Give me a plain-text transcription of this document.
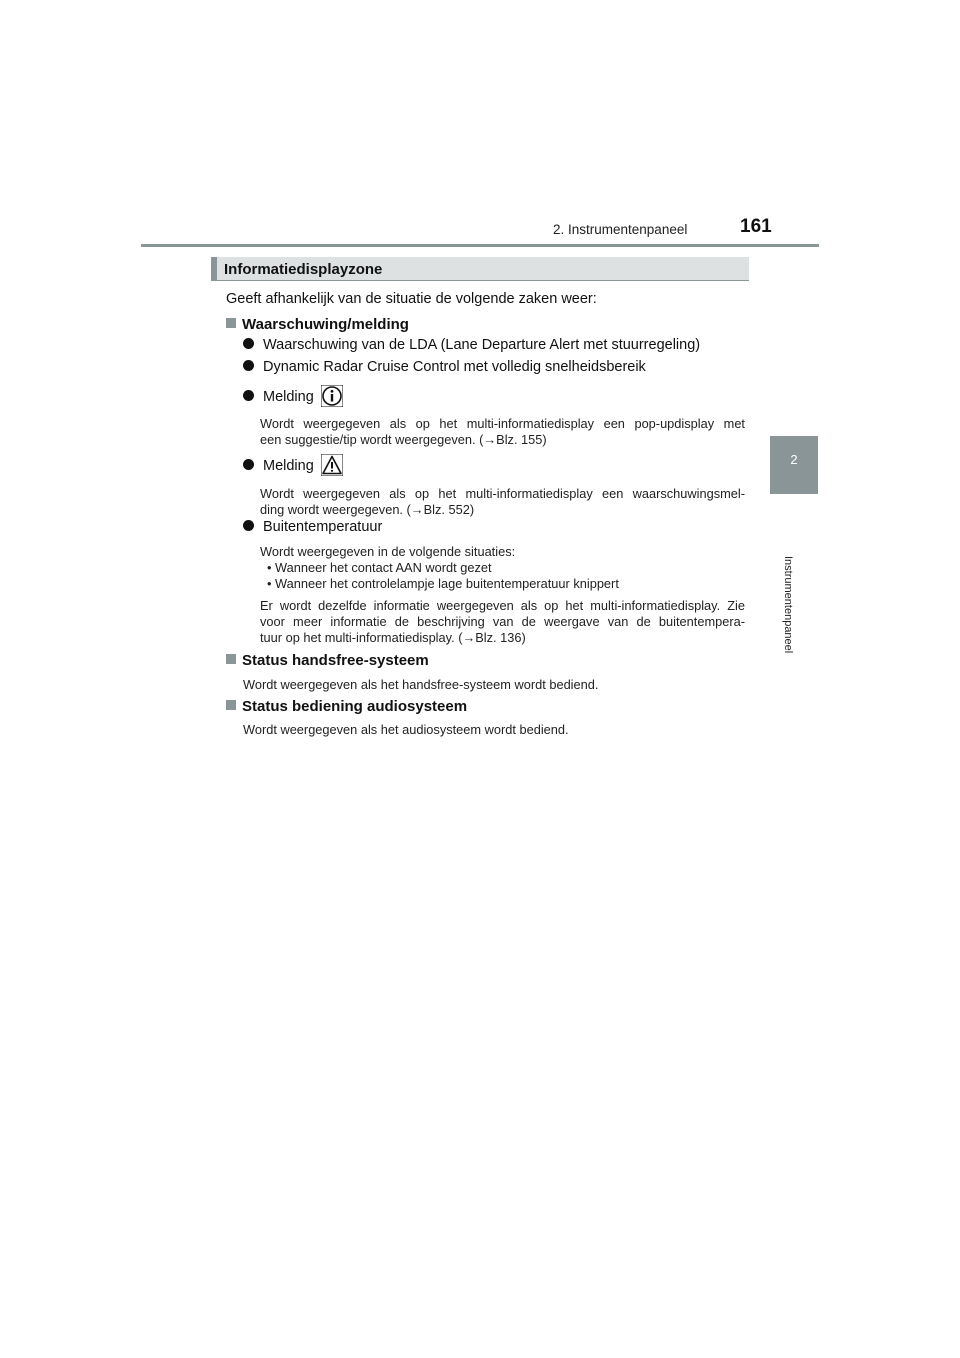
2. Instrumentenpaneel	161
2
Instrumentenpaneel
Informatiedisplayzone
Geeft afhankelijk van de situatie de volgende zaken weer:
Waarschuwing/melding
Waarschuwing van de LDA (Lane Departure Alert met stuurregeling)
Dynamic Radar Cruise Control met volledig snelheidsbereik
Melding
Wordt weergegeven als op het multi-informatiedisplay een pop-updisplay met
een suggestie/tip wordt weergegeven. (→Blz. 155)
Melding
Wordt weergegeven als op het multi-informatiedisplay een waarschuwingsmel-
ding wordt weergegeven. (→Blz. 552)
Buitentemperatuur
Wordt weergegeven in de volgende situaties:
• Wanneer het contact AAN wordt gezet
• Wanneer het controlelampje lage buitentemperatuur knippert
Er wordt dezelfde informatie weergegeven als op het multi-informatiedisplay. Zie
voor meer informatie de beschrijving van de weergave van de buitentempera-
tuur op het multi-informatiedisplay. (→Blz. 136)
Status handsfree-systeem
Wordt weergegeven als het handsfree-systeem wordt bediend.
Status bediening audiosysteem
Wordt weergegeven als het audiosysteem wordt bediend.
